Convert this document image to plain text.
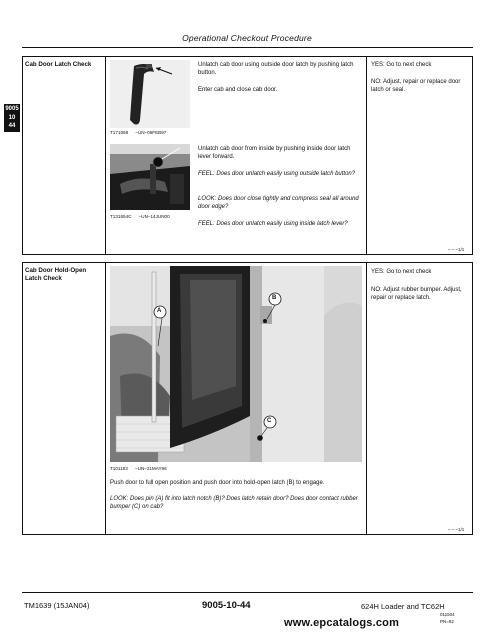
Operational Checkout Procedure
9005
10
44
Cab Door Latch Check
T171088 –UN–06FEB97
T131654C –UN–14JUN00
Unlatch cab door using outside door latch by pushing latch button.
Enter cab and close cab door.
Unlatch cab door from inside by pushing inside door latch lever forward.
FEEL: Does door unlatch easily using outside latch button?
LOOK: Does door close tightly and compress seal all around door edge?
FEEL: Does door unlatch easily using inside latch lever?
YES: Go to next check
NO: Adjust, repair or replace door latch or seal.
– – –1/1
Cab Door Hold-Open Latch Check
A
B
C
T101183 –UN–21MAY96
Push door to full open position and push door into hold-open latch (B) to engage.
LOOK: Does pin (A) fit into latch notch (B)? Does latch retain door? Does door contact rubber bumper (C) on cab?
YES: Go to next check
NO: Adjust rubber bumper. Adjust, repair or replace latch.
– – –1/1
TM1639 (15JAN04)	9005-10-44	624H Loader and TC62H
011504
PN=92
www.epcatalogs.com
